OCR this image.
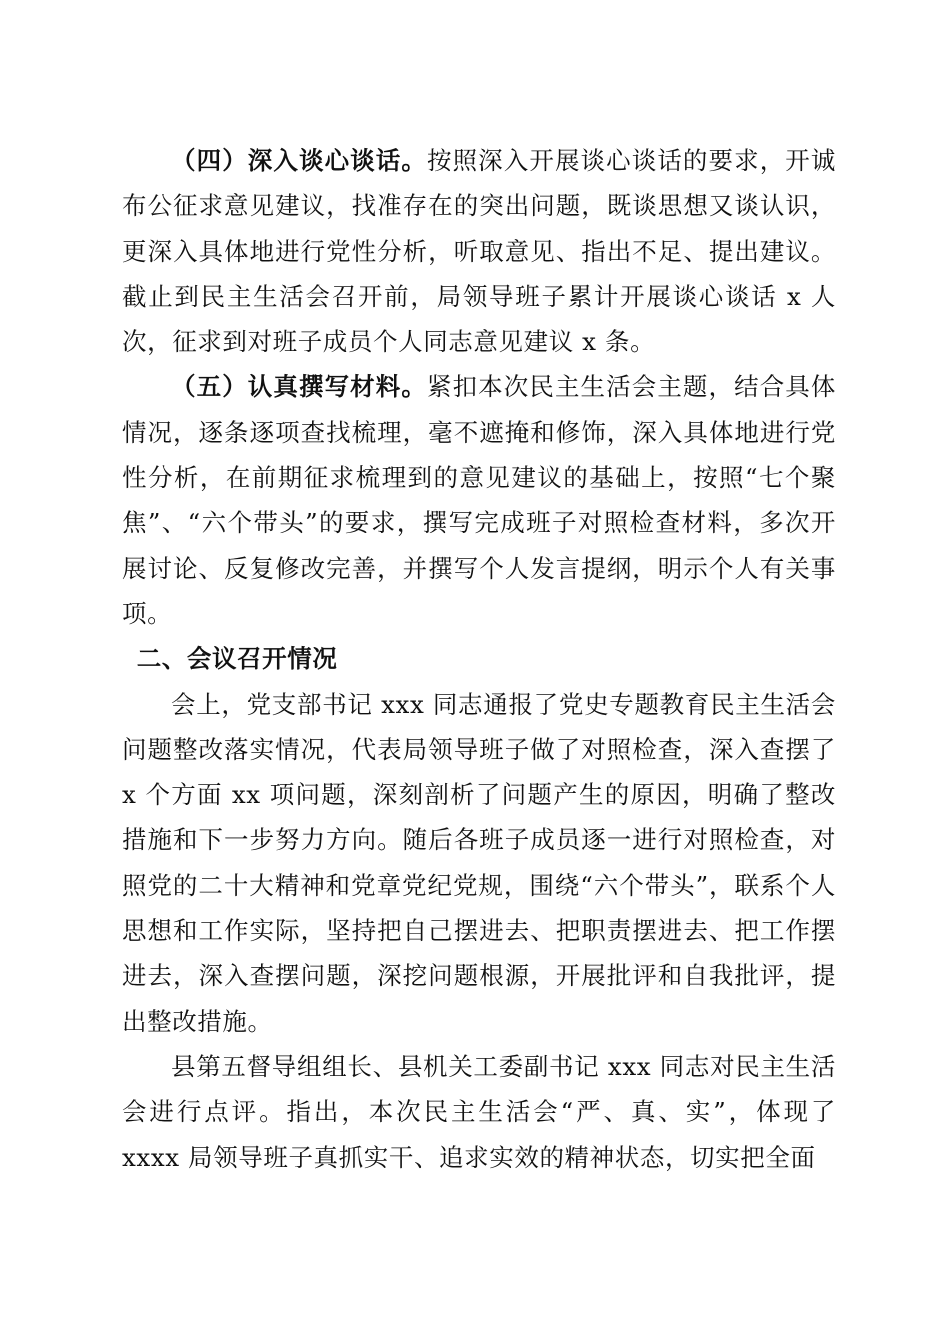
（四）深入谈心谈话。按照深入开展谈心谈话的要求，开诚布公征求意见建议，找准存在的突出问题，既谈思想又谈认识，更深入具体地进行党性分析，听取意见、指出不足、提出建议。截止到民主生活会召开前，局领导班子累计开展谈心谈话 x 人次，征求到对班子成员个人同志意见建议 x 条。

（五）认真撰写材料。紧扣本次民主生活会主题，结合具体情况，逐条逐项查找梳理，毫不遮掩和修饰，深入具体地进行党性分析，在前期征求梳理到的意见建议的基础上，按照“七个聚焦”、“六个带头”的要求，撰写完成班子对照检查材料，多次开展讨论、反复修改完善，并撰写个人发言提纲，明示个人有关事项。

二、会议召开情况

会上，党支部书记 xxx 同志通报了党史专题教育民主生活会问题整改落实情况，代表局领导班子做了对照检查，深入查摆了 x 个方面 xx 项问题，深刻剖析了问题产生的原因，明确了整改措施和下一步努力方向。随后各班子成员逐一进行对照检查，对照党的二十大精神和党章党纪党规，围绕“六个带头”，联系个人思想和工作实际，坚持把自己摆进去、把职责摆进去、把工作摆进去，深入查摆问题，深挖问题根源，开展批评和自我批评，提出整改措施。

县第五督导组组长、县机关工委副书记 xxx 同志对民主生活会进行点评。指出，本次民主生活会“严、真、实”，体现了 xxxx 局领导班子真抓实干、追求实效的精神状态，切实把全面
